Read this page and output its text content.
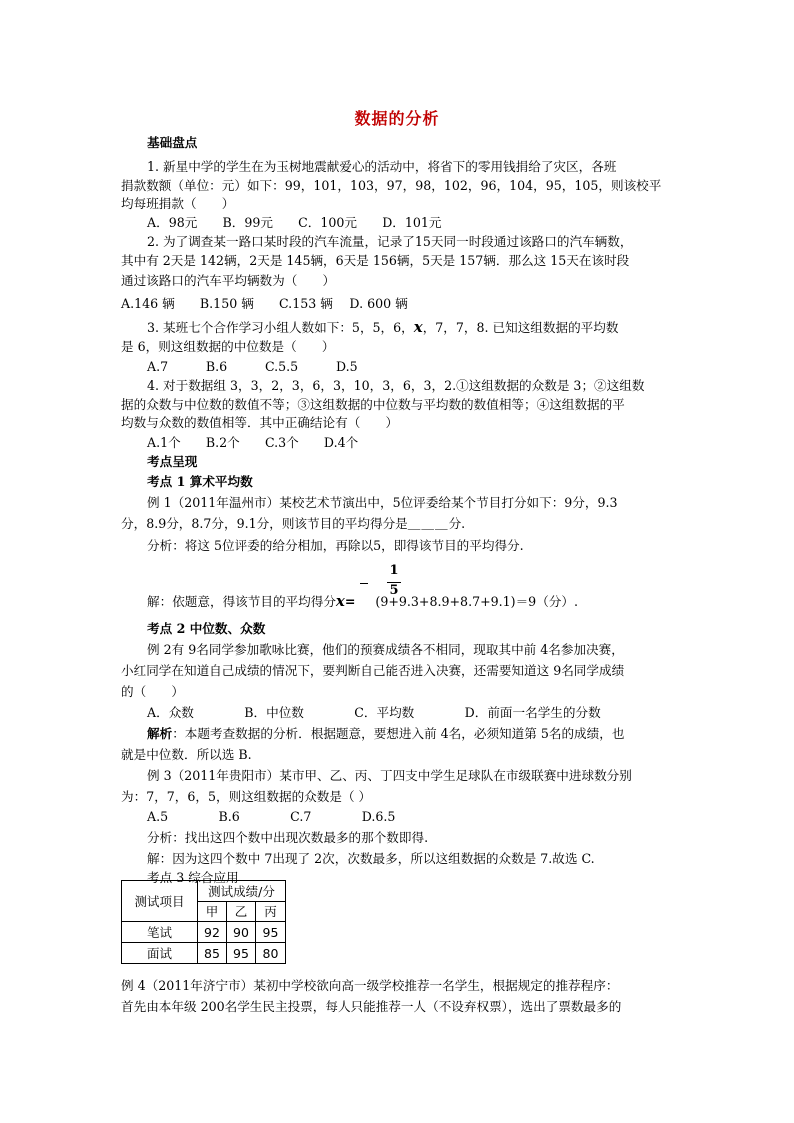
数据的分析
基础盘点
1. 新星中学的学生在为玉树地震献爱心的活动中，将省下的零用钱捐给了灾区，各班
捐款数额（单位：元）如下：99，101，103，97，98，102，96，104，95，105，则该校平
均每班捐款（　　）
A．98元　　B．99元　　C．100元　　D．101元
2. 为了调查某一路口某时段的汽车流量，记录了15天同一时段通过该路口的汽车辆数，
其中有 2天是 142辆，2天是 145辆，6天是 156辆，5天是 157辆．那么这 15天在该时段
通过该路口的汽车平均辆数为（　　）
A.146 辆　　B.150 辆　　C.153 辆　 D. 600 辆
3. 某班七个合作学习小组人数如下：5，5，6，x，7，7，8. 已知这组数据的平均数
是 6，则这组数据的中位数是（　　）
A.7　　　B.6　　　C.5.5　　　D.5
4. 对于数据组 3，3，2，3，6，3，10，3，6，3，2.①这组数据的众数是 3；②这组数
据的众数与中位数的数值不等；③这组数据的中位数与平均数的数值相等；④这组数据的平
均数与众数的数值相等．其中正确结论有（　　）
A.1个　　B.2个　　C.3个　　D.4个
考点呈现
考点 1 算术平均数
例 1（2011年温州市）某校艺术节演出中，5位评委给某个节目打分如下：9分，9.3
分，8.9分，8.7分，9.1分，则该节目的平均得分是＿＿＿分.
分析：将这 5位评委的给分相加，再除以5，即得该节目的平均得分.
1
5
解：依题意，得该节目的平均得分x= (9+9.3+8.9+8.7+9.1)＝9（分）.
考点 2 中位数、众数
例 2有 9名同学参加歌咏比赛，他们的预赛成绩各不相同，现取其中前 4名参加决赛，
小红同学在知道自己成绩的情况下，要判断自己能否进入决赛，还需要知道这 9名同学成绩
的（　　）
A．众数　　　　B．中位数　　　　C．平均数　　　　D．前面一名学生的分数
解析：本题考查数据的分析．根据题意，要想进入前 4名，必须知道第 5名的成绩，也
就是中位数．所以选 B.
例 3（2011年贵阳市）某市甲、乙、丙、丁四支中学生足球队在市级联赛中进球数分别
为：7，7，6，5，则这组数据的众数是（ ）
A.5　　　　B.6　　　　C.7　　　　D.6.5
分析：找出这四个数中出现次数最多的那个数即得.
解：因为这四个数中 7出现了 2次，次数最多，所以这组数据的众数是 7.故选 C.
考点 3 综合应用
测试项目	测试成绩/分		
	甲	乙	丙
笔试	92	90	95
面试	85	95	80
例 4（2011年济宁市）某初中学校欲向高一级学校推荐一名学生，根据规定的推荐程序：
首先由本年级 200名学生民主投票，每人只能推荐一人（不设弃权票），选出了票数最多的
